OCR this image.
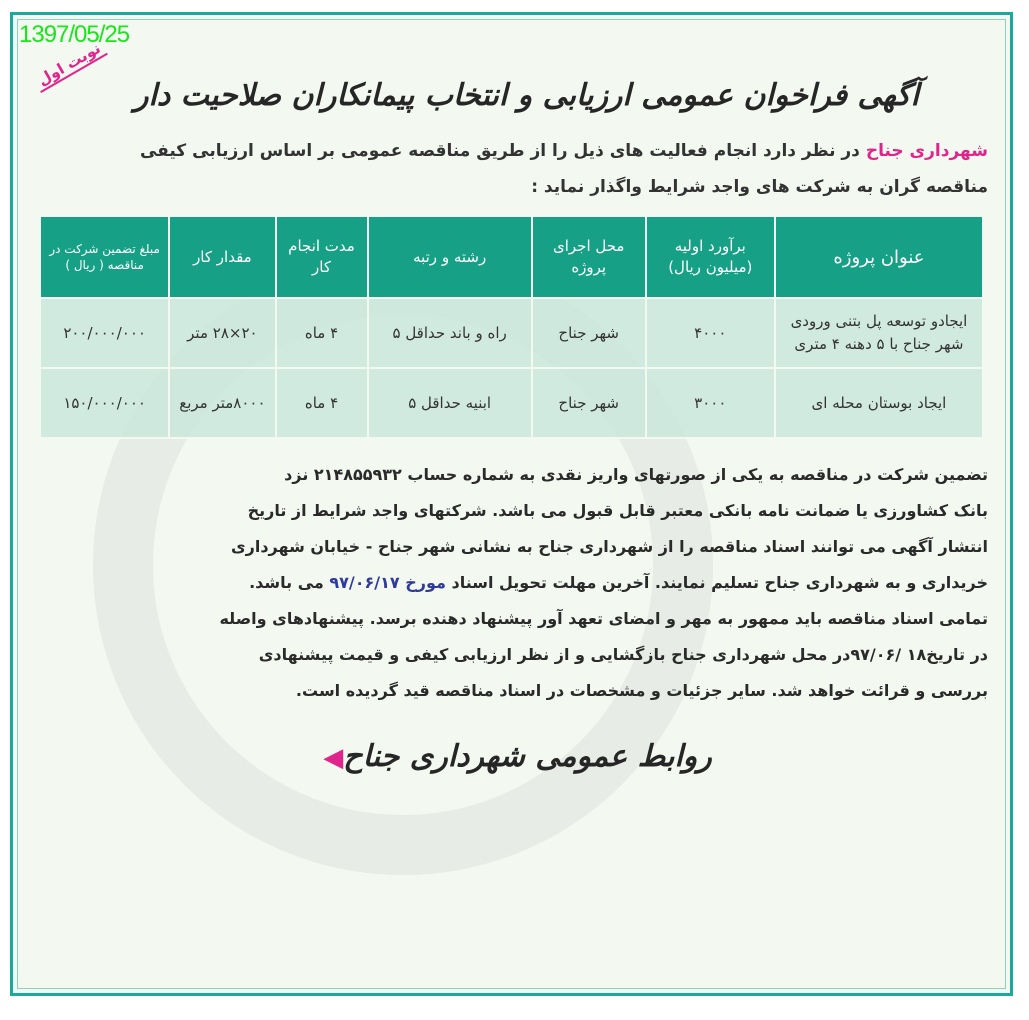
1397/05/25
نوبت اول
آگهی فراخوان عمومی ارزیابی و انتخاب پیمانکاران صلاحیت دار
شهرداری جناح در نظر دارد انجام فعالیت های ذیل را از طریق مناقصه عمومی بر اساس ارزیابی کیفی
مناقصه گران به شرکت های واجد شرایط واگذار نماید :
عنوان پروژه	برآورد اولیه (میلیون ریال)	محل اجرای پروژه	رشته و رتبه	مدت انجام کار	مقدار کار	مبلغ تضمین شرکت در مناقصه ( ریال )
ایجادو توسعه پل بتنی ورودی شهر جناح با ۵ دهنه ۴ متری	۴۰۰۰	شهر جناح	راه و باند حداقل ۵	۴ ماه	۲۰×۲۸ متر	۲۰۰/۰۰۰/۰۰۰
ایجاد بوستان محله ای	۳۰۰۰	شهر جناح	ابنیه حداقل ۵	۴ ماه	۸۰۰۰متر مربع	۱۵۰/۰۰۰/۰۰۰
تضمین شرکت در مناقصه به یکی از صورتهای واریز نقدی به شماره حساب ۲۱۴۸۵۵۹۳۲ نزد
بانک کشاورزی یا ضمانت نامه بانکی معتبر قابل قبول می باشد. شرکتهای واجد شرایط از تاریخ
انتشار آگهی می توانند اسناد مناقصه را از شهرداری جناح به نشانی شهر جناح - خیابان شهرداری
خریداری و به شهرداری جناح تسلیم نمایند. آخرین مهلت تحویل اسناد مورخ ۹۷/۰۶/۱۷ می باشد.
تمامی اسناد مناقصه باید ممهور به مهر و امضای تعهد آور پیشنهاد دهنده برسد. پیشنهادهای واصله
در تاریخ۱۸ /۹۷/۰۶در محل شهرداری جناح بازگشایی و از نظر ارزیابی کیفی و قیمت پیشنهادی
بررسی و قرائت خواهد شد. سایر جزئیات و مشخصات در اسناد مناقصه قید گردیده است.
روابط عمومی شهرداری جناح◀
